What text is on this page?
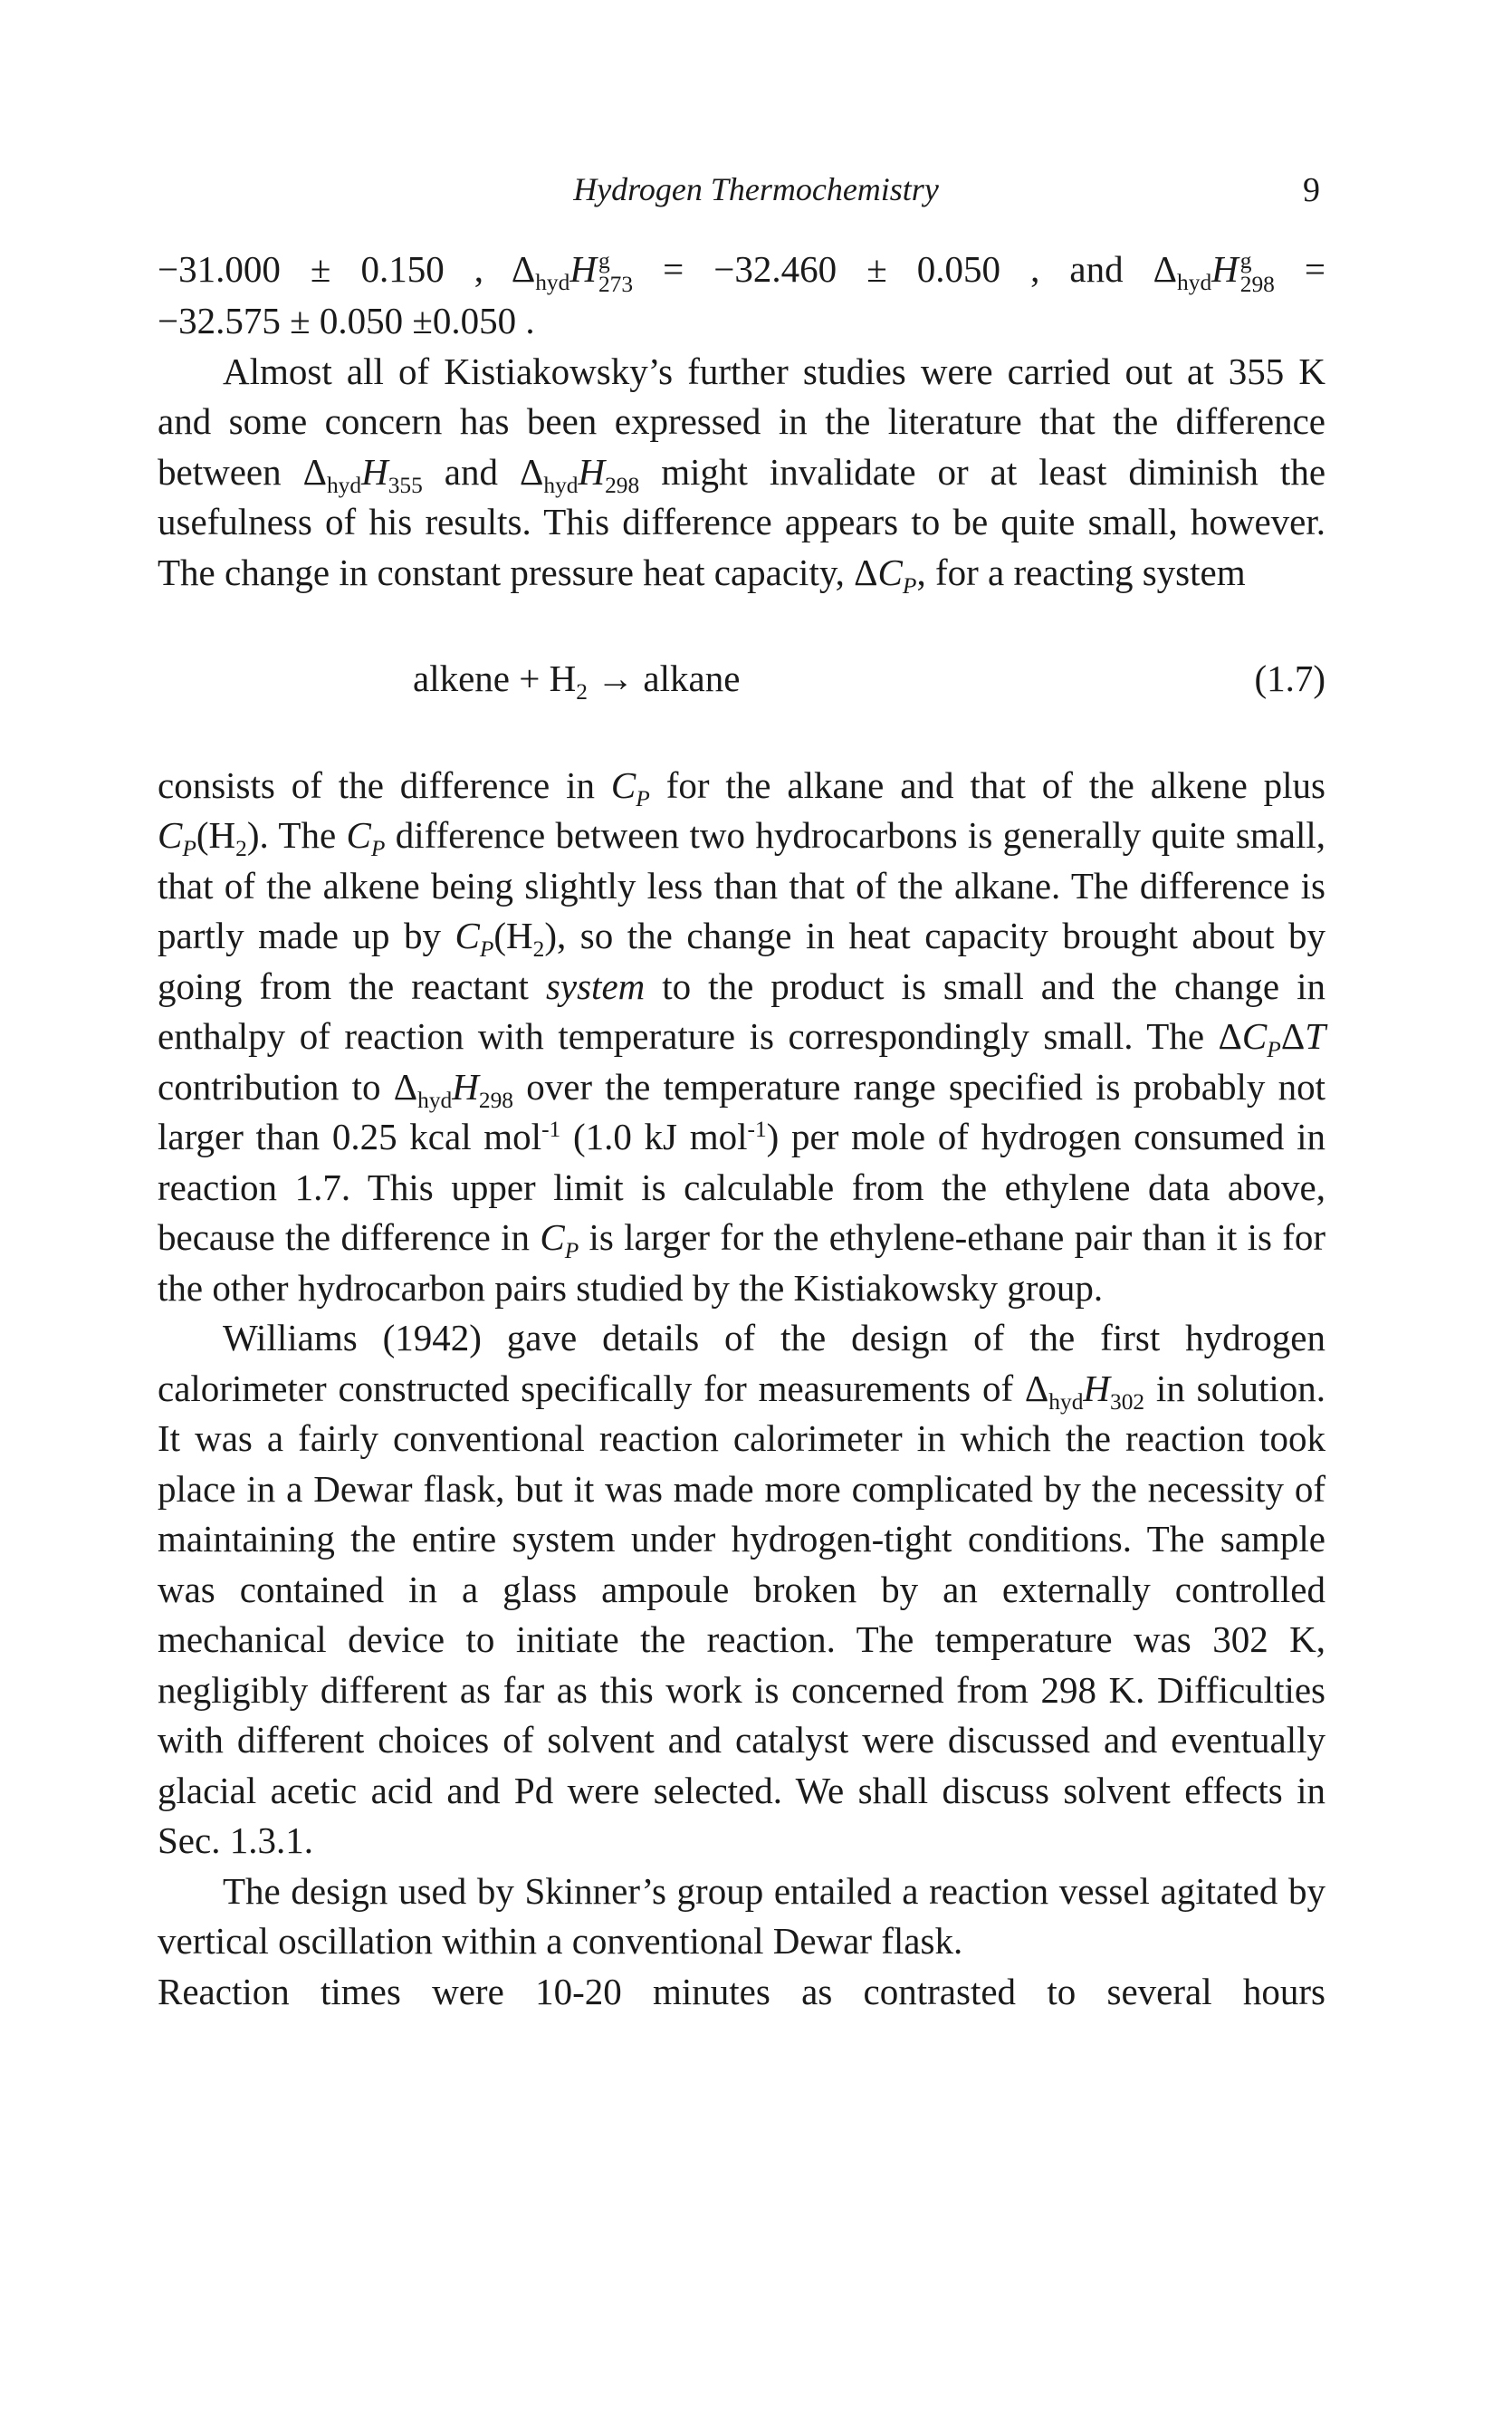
Hydrogen Thermochemistry	9

−31.000 ± 0.150 , $\Delta_{hyd}H$ g
273 = −32.460 ± 0.050 , and $\Delta_{hyd}H$ g
298 =
−32.575 ± 0.050 ±0.050 .

Almost all of Kistiakowsky’s further studies were carried out at 355 K and some concern has been expressed in the literature that the difference between $\Delta_{hyd}H_{355}$ and $\Delta_{hyd}H_{298}$ might invalidate or at least diminish the usefulness of his results. This difference appears to be quite small, however. The change in constant pressure heat capacity, $\Delta C_P$, for a reacting system

alkene + $H_2$ → alkane	(1.7)

consists of the difference in $C_P$ for the alkane and that of the alkene plus $C_P(H_2)$. The $C_P$ difference between two hydrocarbons is generally quite small, that of the alkene being slightly less than that of the alkane. The difference is partly made up by $C_P(H_2)$, so the change in heat capacity brought about by going from the reactant system to the product is small and the change in enthalpy of reaction with temperature is correspondingly small. The $\Delta C_P\Delta T$ contribution to $\Delta_{hyd}H_{298}$ over the temperature range specified is probably not larger than 0.25 kcal mol$^{-1}$ (1.0 kJ mol$^{-1}$) per mole of hydrogen consumed in reaction 1.7. This upper limit is calculable from the ethylene data above, because the difference in $C_P$ is larger for the ethylene-ethane pair than it is for the other hydrocarbon pairs studied by the Kistiakowsky group.

Williams (1942) gave details of the design of the first hydrogen calorimeter constructed specifically for measurements of $\Delta_{hyd}H_{302}$ in solution. It was a fairly conventional reaction calorimeter in which the reaction took place in a Dewar flask, but it was made more complicated by the necessity of maintaining the entire system under hydrogen-tight conditions. The sample was contained in a glass ampoule broken by an externally controlled mechanical device to initiate the reaction. The temperature was 302 K, negligibly different as far as this work is concerned from 298 K. Difficulties with different choices of solvent and catalyst were discussed and eventually glacial acetic acid and Pd were selected. We shall discuss solvent effects in Sec. 1.3.1.

The design used by Skinner’s group entailed a reaction vessel agitated by vertical oscillation within a conventional Dewar flask.
Reaction times were 10-20 minutes as contrasted to several hours
